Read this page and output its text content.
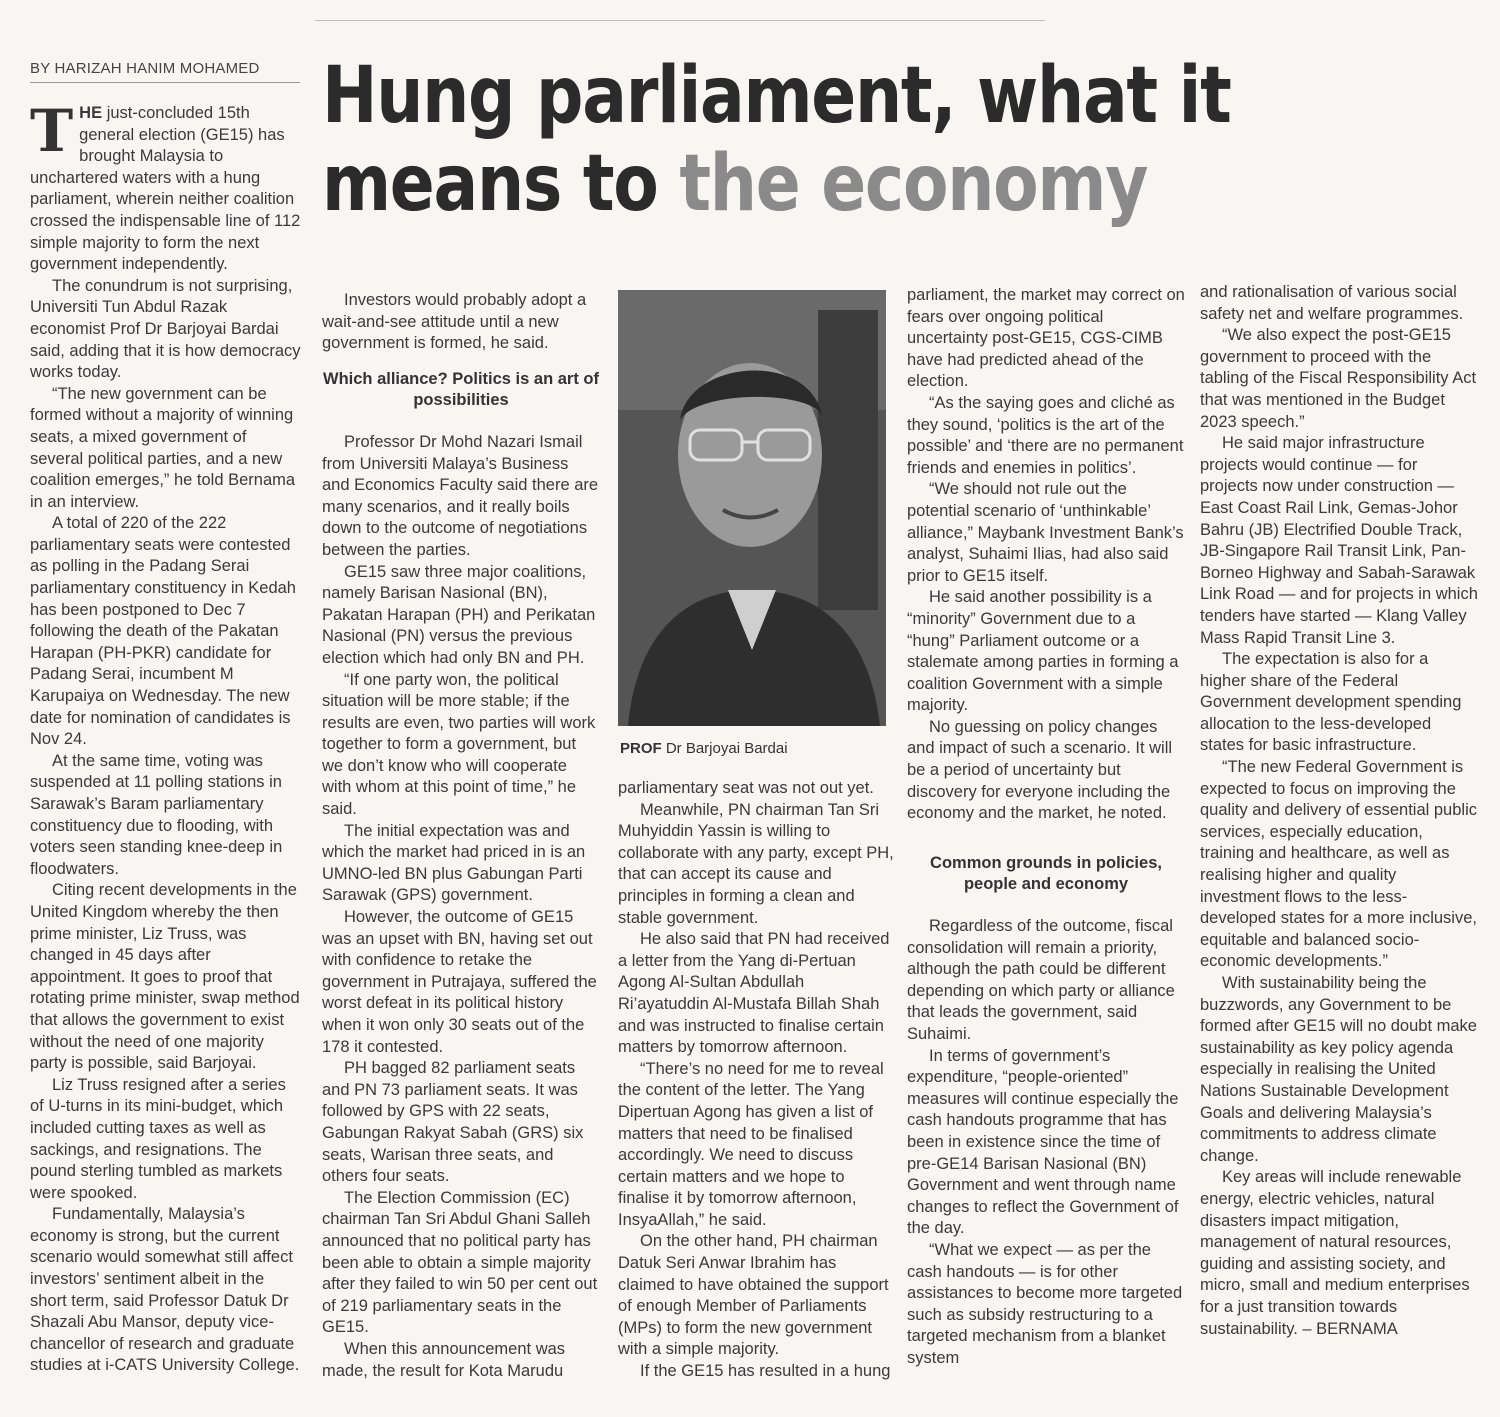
BY HARIZAH HANIM MOHAMED Hung parliament, what it
means to the economy

THE just-concluded 15th general election (GE15) has brought Malaysia to unchartered waters with a hung parliament, wherein neither coalition crossed the indispensable line of 112 simple majority to form the next government independently.

The conundrum is not surprising, Universiti Tun Abdul Razak economist Prof Dr Barjoyai Bardai said, adding that it is how democracy works today.

“The new government can be formed without a majority of winning seats, a mixed government of several political parties, and a new coalition emerges,” he told Bernama in an interview.

A total of 220 of the 222 parliamentary seats were contested as polling in the Padang Serai parliamentary constituency in Kedah has been postponed to Dec 7 following the death of the Pakatan Harapan (PH-PKR) candidate for Padang Serai, incumbent M Karupaiya on Wednesday. The new date for nomination of candidates is Nov 24.

At the same time, voting was suspended at 11 polling stations in Sarawak’s Baram parliamentary constituency due to flooding, with voters seen standing knee-deep in floodwaters.

Citing recent developments in the United Kingdom whereby the then prime minister, Liz Truss, was changed in 45 days after appointment. It goes to proof that rotating prime minister, swap method that allows the government to exist without the need of one majority party is possible, said Barjoyai.

Liz Truss resigned after a series of U-turns in its mini-budget, which included cutting taxes as well as sackings, and resignations. The pound sterling tumbled as markets were spooked.

Fundamentally, Malaysia’s economy is strong, but the current scenario would somewhat still affect investors’ sentiment albeit in the short term, said Professor Datuk Dr Shazali Abu Mansor, deputy vice-chancellor of research and graduate studies at i-CATS University College.

Investors would probably adopt a wait-and-see attitude until a new government is formed, he said.

Which alliance? Politics is an art of possibilities

Professor Dr Mohd Nazari Ismail from Universiti Malaya’s Business and Economics Faculty said there are many scenarios, and it really boils down to the outcome of negotiations between the parties.

GE15 saw three major coalitions, namely Barisan Nasional (BN), Pakatan Harapan (PH) and Perikatan Nasional (PN) versus the previous election which had only BN and PH.

“If one party won, the political situation will be more stable; if the results are even, two parties will work together to form a government, but we don’t know who will cooperate with whom at this point of time,” he said.

The initial expectation was and which the market had priced in is an UMNO-led BN plus Gabungan Parti Sarawak (GPS) government.

However, the outcome of GE15 was an upset with BN, having set out with confidence to retake the government in Putrajaya, suffered the worst defeat in its political history when it won only 30 seats out of the 178 it contested.

PH bagged 82 parliament seats and PN 73 parliament seats. It was followed by GPS with 22 seats, Gabungan Rakyat Sabah (GRS) six seats, Warisan three seats, and others four seats.

The Election Commission (EC) chairman Tan Sri Abdul Ghani Salleh announced that no political party has been able to obtain a simple majority after they failed to win 50 per cent out of 219 parliamentary seats in the GE15.

When this announcement was made, the result for Kota Marudu

PROF Dr Barjoyai Bardai

parliamentary seat was not out yet.

Meanwhile, PN chairman Tan Sri Muhyiddin Yassin is willing to collaborate with any party, except PH, that can accept its cause and principles in forming a clean and stable government.

He also said that PN had received a letter from the Yang di-Pertuan Agong Al-Sultan Abdullah Ri’ayatuddin Al-Mustafa Billah Shah and was instructed to finalise certain matters by tomorrow afternoon.

“There’s no need for me to reveal the content of the letter. The Yang Dipertuan Agong has given a list of matters that need to be finalised accordingly. We need to discuss certain matters and we hope to finalise it by tomorrow afternoon, InsyaAllah,” he said.

On the other hand, PH chairman Datuk Seri Anwar Ibrahim has claimed to have obtained the support of enough Member of Parliaments (MPs) to form the new government with a simple majority.

If the GE15 has resulted in a hung

parliament, the market may correct on fears over ongoing political uncertainty post-GE15, CGS-CIMB have had predicted ahead of the election.

“As the saying goes and cliché as they sound, ‘politics is the art of the possible’ and ‘there are no permanent friends and enemies in politics’.

“We should not rule out the potential scenario of ‘unthinkable’ alliance,” Maybank Investment Bank’s analyst, Suhaimi Ilias, had also said prior to GE15 itself.

He said another possibility is a “minority” Government due to a “hung” Parliament outcome or a stalemate among parties in forming a coalition Government with a simple majority.

No guessing on policy changes and impact of such a scenario. It will be a period of uncertainty but discovery for everyone including the economy and the market, he noted.

Common grounds in policies, people and economy

Regardless of the outcome, fiscal consolidation will remain a priority, although the path could be different depending on which party or alliance that leads the government, said Suhaimi.

In terms of government’s expenditure, “people-oriented” measures will continue especially the cash handouts programme that has been in existence since the time of pre-GE14 Barisan Nasional (BN) Government and went through name changes to reflect the Government of the day.

“What we expect — as per the cash handouts — is for other assistances to become more targeted such as subsidy restructuring to a targeted mechanism from a blanket system

and rationalisation of various social safety net and welfare programmes.

“We also expect the post-GE15 government to proceed with the tabling of the Fiscal Responsibility Act that was mentioned in the Budget 2023 speech.”

He said major infrastructure projects would continue — for projects now under construction — East Coast Rail Link, Gemas-Johor Bahru (JB) Electrified Double Track, JB-Singapore Rail Transit Link, Pan-Borneo Highway and Sabah-Sarawak Link Road — and for projects in which tenders have started — Klang Valley Mass Rapid Transit Line 3.

The expectation is also for a higher share of the Federal Government development spending allocation to the less-developed states for basic infrastructure.

“The new Federal Government is expected to focus on improving the quality and delivery of essential public services, especially education, training and healthcare, as well as realising higher and quality investment flows to the less-developed states for a more inclusive, equitable and balanced socio-economic developments.”

With sustainability being the buzzwords, any Government to be formed after GE15 will no doubt make sustainability as key policy agenda especially in realising the United Nations Sustainable Development Goals and delivering Malaysia’s commitments to address climate change.

Key areas will include renewable energy, electric vehicles, natural disasters impact mitigation, management of natural resources, guiding and assisting society, and micro, small and medium enterprises for a just transition towards sustainability. – BERNAMA
